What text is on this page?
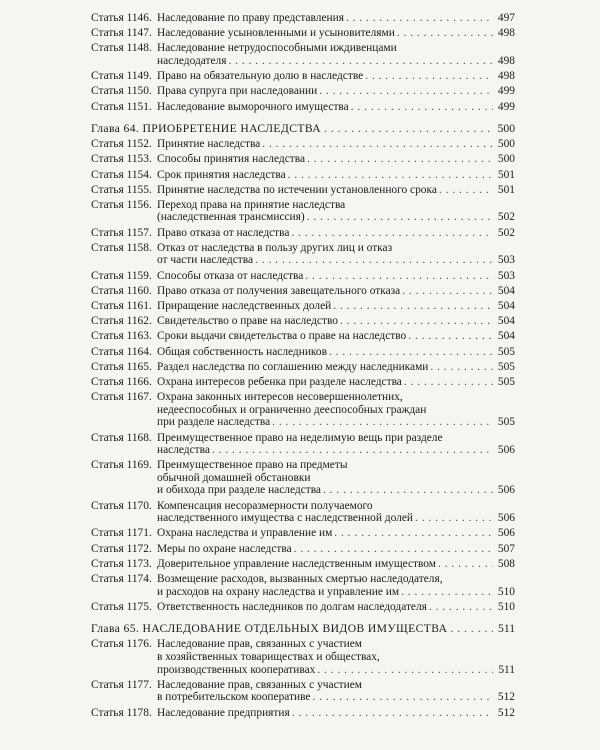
Статья 1146. Наследование по праву представления . . .	497
Статья 1147. Наследование усыновленными и усыновителями . . .	498
Статья 1148. Наследование нетрудоспособными иждивенцами
наследодателя . . .	498
Статья 1149. Право на обязательную долю в наследстве . . .	498
Статья 1150. Права супруга при наследовании . . .	499
Статья 1151. Наследование выморочного имущества . . .	499
Глава 64. ПРИОБРЕТЕНИЕ НАСЛЕДСТВА . . .	500
Статья 1152. Принятие наследства . . .	500
Статья 1153. Способы принятия наследства . . .	500
Статья 1154. Срок принятия наследства . . .	501
Статья 1155. Принятие наследства по истечении установленного срока . . .	501
Статья 1156. Переход права на принятие наследства
(наследственная трансмиссия) . . .	502
Статья 1157. Право отказа от наследства . . .	502
Статья 1158. Отказ от наследства в пользу других лиц и отказ
от части наследства . . .	503
Статья 1159. Способы отказа от наследства . . .	503
Статья 1160. Право отказа от получения завещательного отказа . . .	504
Статья 1161. Приращение наследственных долей . . .	504
Статья 1162. Свидетельство о праве на наследство . . .	504
Статья 1163. Сроки выдачи свидетельства о праве на наследство . . .	504
Статья 1164. Общая собственность наследников . . .	505
Статья 1165. Раздел наследства по соглашению между наследниками . . .	505
Статья 1166. Охрана интересов ребенка при разделе наследства . . .	505
Статья 1167. Охрана законных интересов несовершеннолетних,
недееспособных и ограниченно дееспособных граждан
при разделе наследства . . .	505
Статья 1168. Преимущественное право на неделимую вещь при разделе
наследства . . .	506
Статья 1169. Преимущественное право на предметы
обычной домашней обстановки
и обихода при разделе наследства . . .	506
Статья 1170. Компенсация несоразмерности получаемого
наследственного имущества с наследственной долей . . .	506
Статья 1171. Охрана наследства и управление им . . .	506
Статья 1172. Меры по охране наследства . . .	507
Статья 1173. Доверительное управление наследственным имуществом . . .	508
Статья 1174. Возмещение расходов, вызванных смертью наследодателя,
и расходов на охрану наследства и управление им . . .	510
Статья 1175. Ответственность наследников по долгам наследодателя . . .	510
Глава 65. НАСЛЕДОВАНИЕ ОТДЕЛЬНЫХ ВИДОВ ИМУЩЕСТВА . . .	511
Статья 1176. Наследование прав, связанных с участием
в хозяйственных товариществах и обществах,
производственных кооперативах . . .	511
Статья 1177. Наследование прав, связанных с участием
в потребительском кооперативе . . .	512
Статья 1178. Наследование предприятия . . .	512
